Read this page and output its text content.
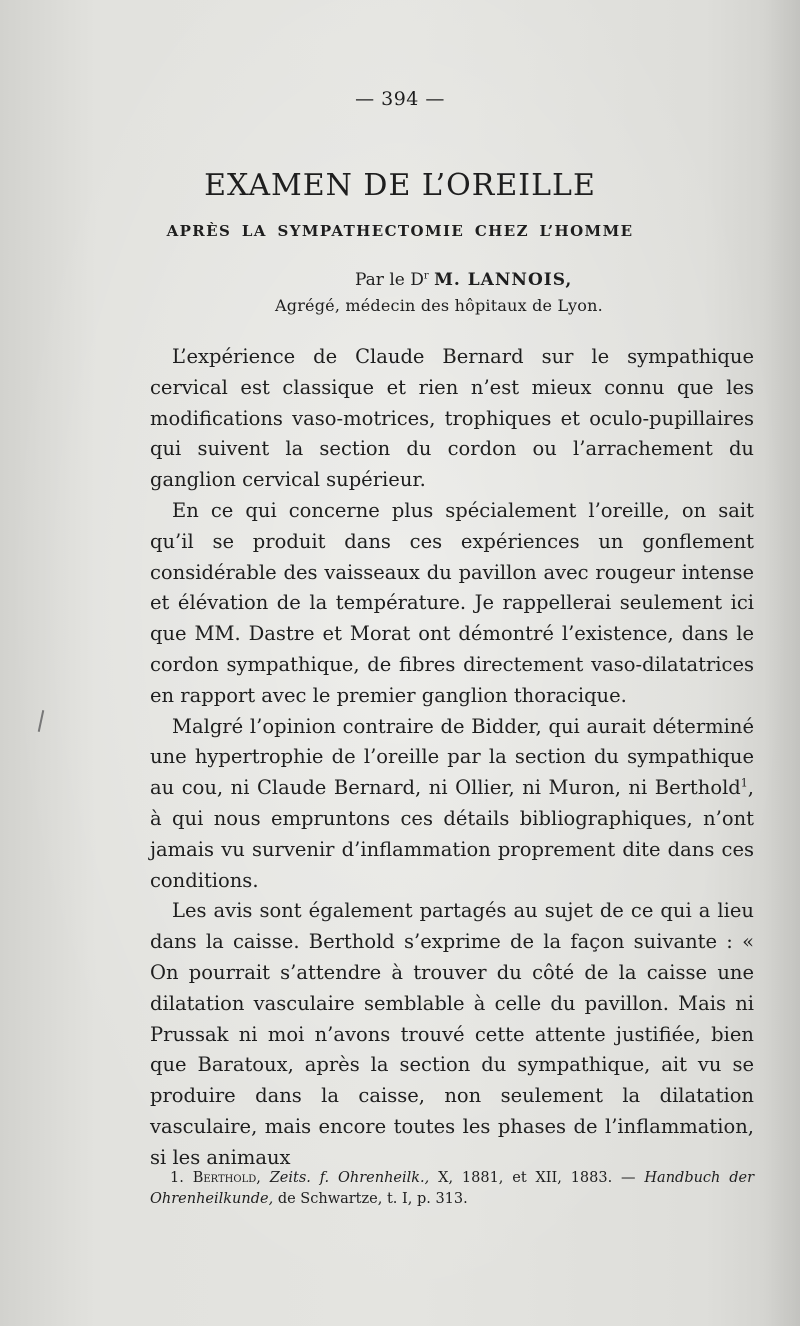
— 394 —
EXAMEN DE L’OREILLE
APRÈS LA SYMPATHECTOMIE CHEZ L’HOMME
Par le $D^r$ M. LANNOIS,
Agrégé, médecin des hôpitaux de Lyon.

L’expérience de Claude Bernard sur le sympathique cervical est classique et rien n’est mieux connu que les modifications vaso-motrices, trophiques et oculo-pupillaires qui suivent la section du cordon ou l’arrachement du ganglion cervical supérieur.

En ce qui concerne plus spécialement l’oreille, on sait qu’il se produit dans ces expériences un gonflement considérable des vaisseaux du pavillon avec rougeur intense et élévation de la température. Je rappellerai seulement ici que MM. Dastre et Morat ont démontré l’existence, dans le cordon sympathique, de fibres directement vaso-dilatatrices en rapport avec le premier ganglion thoracique.

Malgré l’opinion contraire de Bidder, qui aurait déterminé une hypertrophie de l’oreille par la section du sympathique au cou, ni Claude Bernard, ni Ollier, ni Muron, ni Berthold$^1$, à qui nous empruntons ces détails bibliographiques, n’ont jamais vu survenir d’inflammation proprement dite dans ces conditions.

Les avis sont également partagés au sujet de ce qui a lieu dans la caisse. Berthold s’exprime de la façon suivante : « On pourrait s’attendre à trouver du côté de la caisse une dilatation vasculaire semblable à celle du pavillon. Mais ni Prussak ni moi n’avons trouvé cette attente justifiée, bien que Baratoux, après la section du sympathique, ait vu se produire dans la caisse, non seulement la dilatation vasculaire, mais encore toutes les phases de l’inflammation, si les animaux

1. Berthold, Zeits. f. Ohrenheilk., X, 1881, et XII, 1883. — Handbuch der Ohrenheilkunde, de Schwartze, t. I, p. 313.
